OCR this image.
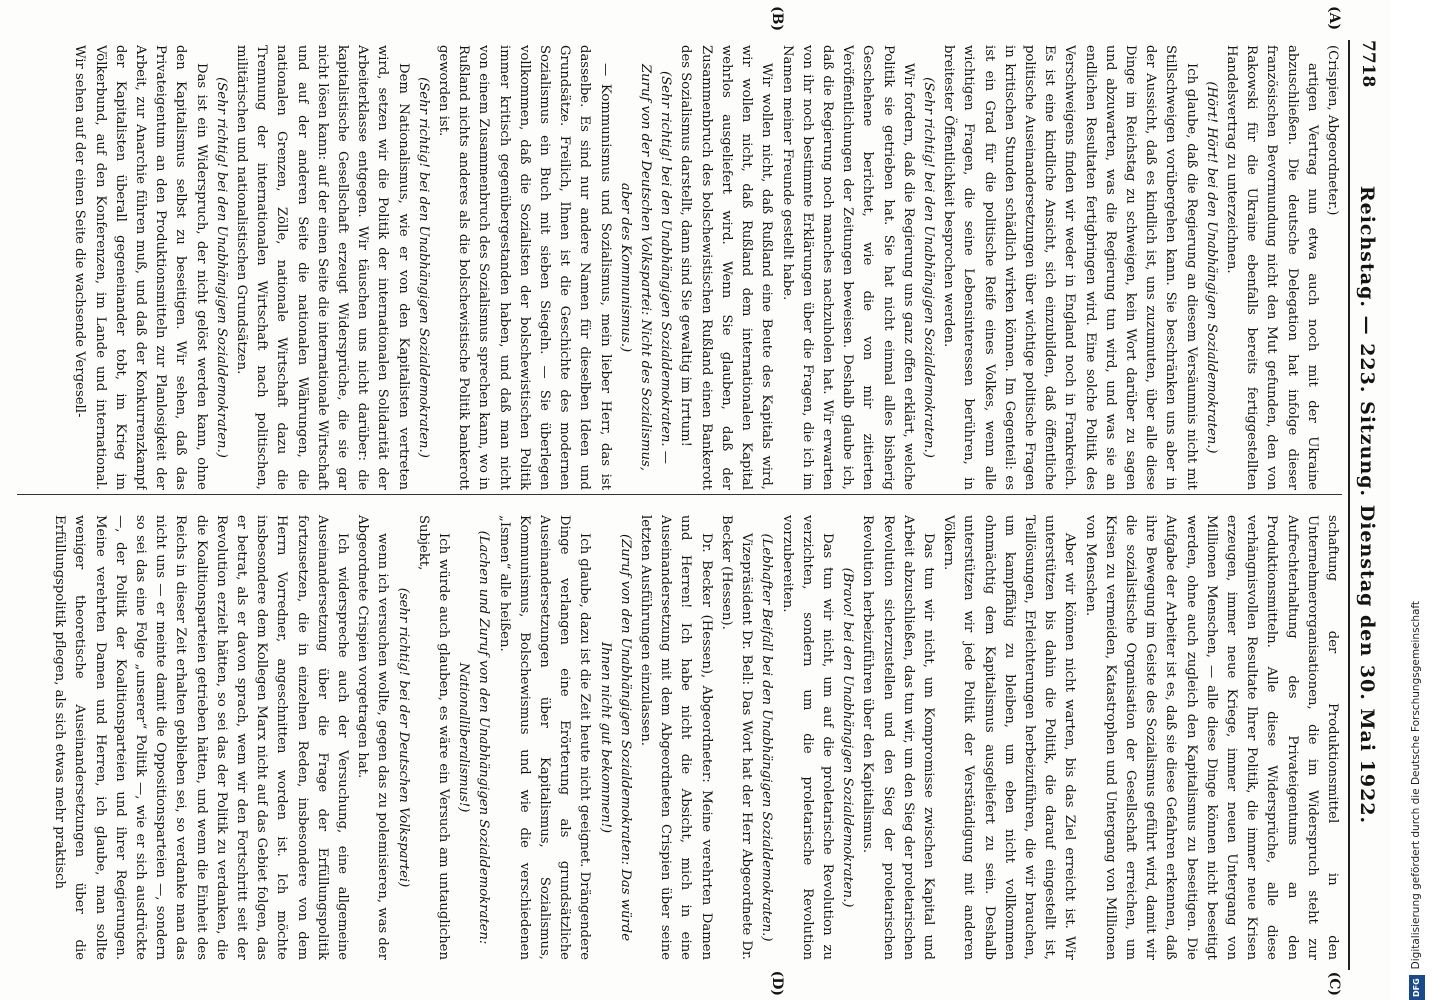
7718
Reichstag. — 223. Sitzung. Dienstag den 30. Mai 1922.
(A)
(B)
(C)
(D)

(Crispien, Abgeordneter.)

artigen Vertrag nun etwa auch noch mit der Ukraine abzuschließen. Die deutsche Delegation hat infolge dieser französischen Bevormundung nicht den Mut gefunden, den von Rakowski für die Ukraine ebenfalls bereits fertiggestellten Handelsvertrag zu unterzeichnen.

(Hört! Hört! bei den Unabhängigen Sozialdemokraten.)

Ich glaube, daß die Regierung an diesem Versäumnis nicht mit Stillschweigen vorübergehen kann. Sie beschränken uns aber in der Aussicht, daß es kindlich ist, uns zuzumuten, über alle diese Dinge im Reichstag zu schweigen, kein Wort darüber zu sagen und abzuwarten, was die Regierung tun wird, und was sie an endlichen Resultaten fertigbringen wird. Eine solche Politik des Verschweigens finden wir weder in England noch in Frankreich. Es ist eine kindliche Ansicht, sich einzubilden, daß öffentliche politische Auseinandersetzungen über wichtige politische Fragen in kritischen Stunden schädlich wirken können. Im Gegenteil: es ist ein Grad für die politische Reife eines Volkes, wenn alle wichtigen Fragen, die seine Lebensinteressen berühren, in breitester Öffentlichkeit besprochen werden.

(Sehr richtig! bei den Unabhängigen Sozialdemokraten.)

Wir fordern, daß die Regierung uns ganz offen erklärt, welche Politik sie getrieben hat. Sie hat nicht einmal alles bisherig Geschehene berichtet, wie die von mir zitierten Veröffentlichungen der Zeitungen beweisen. Deshalb glaube ich, daß die Regierung noch manches nachzuholen hat. Wir erwarten von ihr noch bestimmte Erklärungen über die Fragen, die ich im Namen meiner Freunde gestellt habe.

Wir wollen nicht, daß Rußland eine Beute des Kapitals wird, wir wollen nicht, daß Rußland dem internationalen Kapital wehrlos ausgeliefert wird. Wenn Sie glauben, daß der Zusammenbruch des bolschewistischen Rußland einen Bankerott des Sozialismus darstellt, dann sind Sie gewaltig im Irrtum!

(Sehr richtig! bei den Unabhängigen Sozialdemokraten. — Zuruf von der Deutschen Volkspartei: Nicht des Sozialismus, aber des Kommunismus.)

— Kommunismus und Sozialismus, mein lieber Herr, das ist dasselbe. Es sind nur andere Namen für dieselben Ideen und Grundsätze. Freilich, Ihnen ist die Geschichte des modernen Sozialismus ein Buch mit sieben Siegeln. — Sie überlegen vollkommen, daß die Sozialisten der bolschewistischen Politik immer kritisch gegenübergestanden haben, und daß man nicht von einem Zusammenbruch des Sozialismus sprechen kann, wo in Rußland nichts anderes als die bolschewistische Politik bankerott geworden ist.

(Sehr richtig! bei den Unabhängigen Sozialdemokraten.)

Dem Nationalismus, wie er von den Kapitalisten vertreten wird, setzen wir die Politik der internationalen Solidarität der Arbeiterklasse entgegen. Wir täuschen uns nicht darüber: die kapitalistische Gesellschaft erzeugt Widersprüche, die sie gar nicht lösen kann: auf der einen Seite die internationale Wirtschaft und auf der anderen Seite die nationalen Währungen, die nationalen Grenzen, Zölle, nationale Wirtschaft dazu die Trennung der internationalen Wirtschaft nach politischen, militärischen und nationalistischen Grundsätzen.

(Sehr richtig! bei den Unabhängigen Sozialdemokraten.)

Das ist ein Widerspruch, der nicht gelöst werden kann, ohne den Kapitalismus selbst zu beseitigen. Wir sehen, daß das Privateigentum an den Produktionsmitteln zur Planlosigkeit der Arbeit, zur Anarchie führen muß, und daß der Konkurrenzkampf der Kapitalisten überall gegeneinander tobt, im Krieg im Völkerbund, auf den Konferenzen, im Lande und international. Wir sehen auf der einen Seite die wachsende Vergesell-

schaftung der Produktionsmittel in den Unternehmerorganisationen, die im Widerspruch steht zur Aufrechterhaltung des Privateigentums an den Produktionsmitteln. Alle diese Widersprüche, alle diese verhängnisvollen Resultate Ihrer Politik, die immer neue Krisen erzeugen, immer neue Kriege, immer neuen Untergang von Millionen Menschen, — alle diese Dinge können nicht beseitigt werden, ohne auch zugleich den Kapitalismus zu beseitigen. Die Aufgabe der Arbeiter ist es, daß sie diese Gefahren erkennen, daß ihre Bewegung im Geiste des Sozialismus geführt wird, damit wir die sozialistische Organisation der Gesellschaft erreichen, um Krisen zu vermeiden, Katastrophen und Untergang von Millionen von Menschen.

Aber wir können nicht warten, bis das Ziel erreicht ist. Wir unterstützen bis dahin die Politik, die darauf eingestellt ist, Teillösungen, Erleichterungen herbeizuführen, die wir brauchen, um kampffähig zu bleiben, um eben nicht vollkommen ohnmächtig dem Kapitalismus ausgeliefert zu sein. Deshalb unterstützen wir jede Politik der Verständigung mit anderen Völkern.

Das tun wir nicht, um Kompromisse zwischen Kapital und Arbeit abzuschließen, das tun wir, um den Sieg der proletarischen Revolution sicherzustellen und den Sieg der proletarischen Revolution herbeizuführen über den Kapitalismus.

(Bravo! bei den Unabhängigen Sozialdemokraten.)

Das tun wir nicht, um auf die proletarische Revolution zu verzichten, sondern um die proletarische Revolution vorzubereiten.

(Lebhafter Beifall bei den Unabhängigen Sozialdemokraten.)

Vizepräsident Dr. Bell: Das Wort hat der Herr Abgeordnete Dr. Becker (Hessen).

Dr. Becker (Hessen), Abgeordneter: Meine verehrten Damen und Herren! Ich habe nicht die Absicht, mich in eine Auseinandersetzung mit dem Abgeordneten Crispien über seine letzten Ausführungen einzulassen.

(Zuruf von den Unabhängigen Sozialdemokraten: Das würde Ihnen nicht gut bekommen!)

Ich glaube, dazu ist die Zeit heute nicht geeignet. Drängendere Dinge verlangen eine Erörterung als grundsätzliche Auseinandersetzungen über Kapitalismus, Sozialismus, Kommunismus, Bolschewismus und wie die verschiedenen „Ismen“ alle heißen.

(Lachen und Zuruf von den Unabhängigen Sozialdemokraten: Nationalliberalismus!)

Ich würde auch glauben, es wäre ein Versuch am untauglichen Subjekt,

(sehr richtig! bei der Deutschen Volkspartei)

wenn ich versuchen wollte, gegen das zu polemisieren, was der Abgeordnete Crispien vorgetragen hat.

Ich widerspreche auch der Versuchung, eine allgemeine Auseinandersetzung über die Frage der Erfüllungspolitik fortzusetzen, die in einzelnen Reden, insbesondere von dem Herrn Vorredner, angeschnitten worden ist. Ich möchte insbesondere dem Kollegen Marx nicht auf das Gebiet folgen, das er betrat, als er davon sprach, wem wir den Fortschritt seit der Revolution erzielt hätten, so sei das der Politik zu verdanken, die die Koalitionsparteien getrieben hätten, und wenn die Einheit des Reichs in dieser Zeit erhalten geblieben sei, so verdanke man das nicht uns — er meinte damit die Oppositionsparteien —, sondern so sei das eine Folge „unserer“ Politik —, wie er sich ausdrückte —, der Politik der Koalitionsparteien und ihrer Regierungen. Meine verehrten Damen und Herren, ich glaube, man sollte weniger theoretische Auseinandersetzungen über die Erfüllungspolitik pflegen, als sich etwas mehr praktisch

DFGDigitalisierung gefördert durch die Deutsche Forschungsgemeinschaft
